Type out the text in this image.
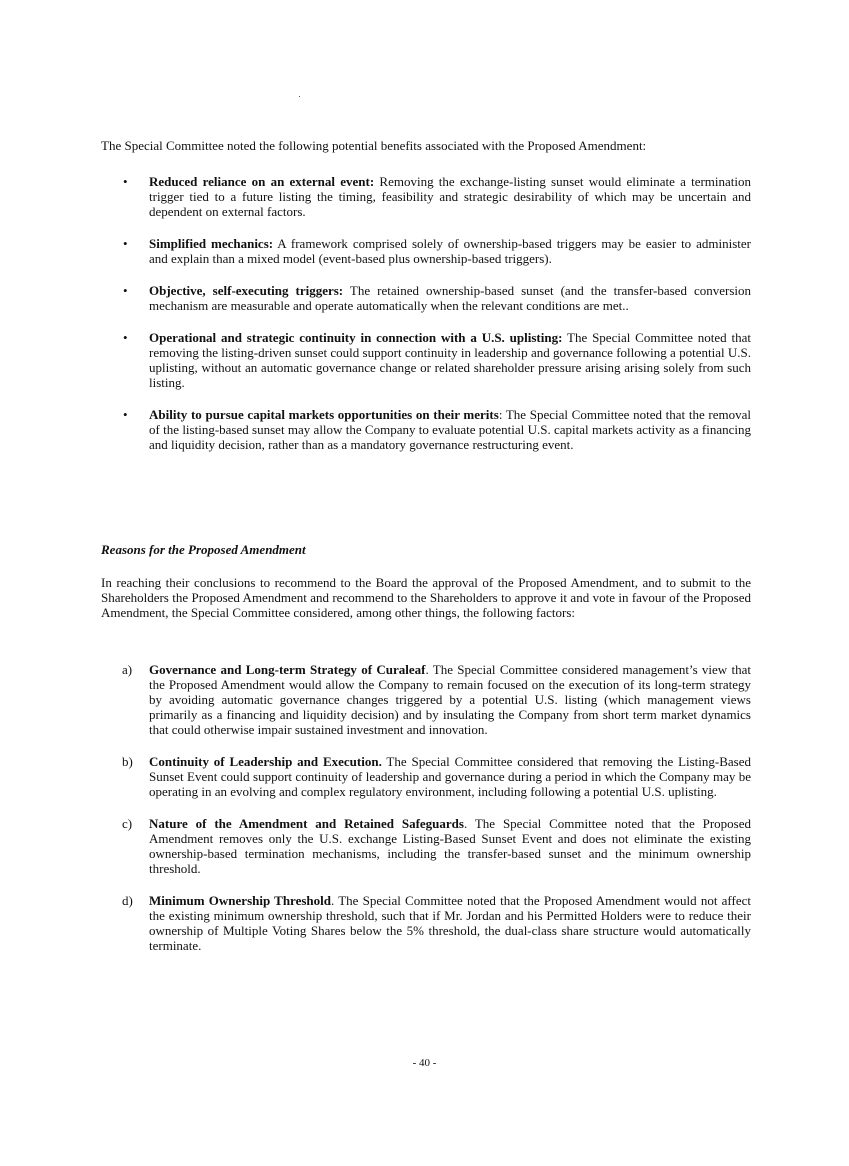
The Special Committee noted the following potential benefits associated with the Proposed Amendment:

• Reduced reliance on an external event: Removing the exchange-listing sunset would eliminate a termination trigger tied to a future listing the timing, feasibility and strategic desirability of which may be uncertain and dependent on external factors.
• Simplified mechanics: A framework comprised solely of ownership-based triggers may be easier to administer and explain than a mixed model (event-based plus ownership-based triggers).
• Objective, self-executing triggers: The retained ownership-based sunset (and the transfer-based conversion mechanism are measurable and operate automatically when the relevant conditions are met..
• Operational and strategic continuity in connection with a U.S. uplisting: The Special Committee noted that removing the listing-driven sunset could support continuity in leadership and governance following a potential U.S. uplisting, without an automatic governance change or related shareholder pressure arising arising solely from such listing.
• Ability to pursue capital markets opportunities on their merits: The Special Committee noted that the removal of the listing-based sunset may allow the Company to evaluate potential U.S. capital markets activity as a financing and liquidity decision, rather than as a mandatory governance restructuring event.
Reasons for the Proposed Amendment

In reaching their conclusions to recommend to the Board the approval of the Proposed Amendment, and to submit to the Shareholders the Proposed Amendment and recommend to the Shareholders to approve it and vote in favour of the Proposed Amendment, the Special Committee considered, among other things, the following factors:

a) Governance and Long-term Strategy of Curaleaf. The Special Committee considered management’s view that the Proposed Amendment would allow the Company to remain focused on the execution of its long-term strategy by avoiding automatic governance changes triggered by a potential U.S. listing (which management views primarily as a financing and liquidity decision) and by insulating the Company from short term market dynamics that could otherwise impair sustained investment and innovation.
b) Continuity of Leadership and Execution. The Special Committee considered that removing the Listing-Based Sunset Event could support continuity of leadership and governance during a period in which the Company may be operating in an evolving and complex regulatory environment, including following a potential U.S. uplisting.
c) Nature of the Amendment and Retained Safeguards. The Special Committee noted that the Proposed Amendment removes only the U.S. exchange Listing-Based Sunset Event and does not eliminate the existing ownership-based termination mechanisms, including the transfer-based sunset and the minimum ownership threshold.
d) Minimum Ownership Threshold. The Special Committee noted that the Proposed Amendment would not affect the existing minimum ownership threshold, such that if Mr. Jordan and his Permitted Holders were to reduce their ownership of Multiple Voting Shares below the 5% threshold, the dual-class share structure would automatically terminate.

- 40 -
